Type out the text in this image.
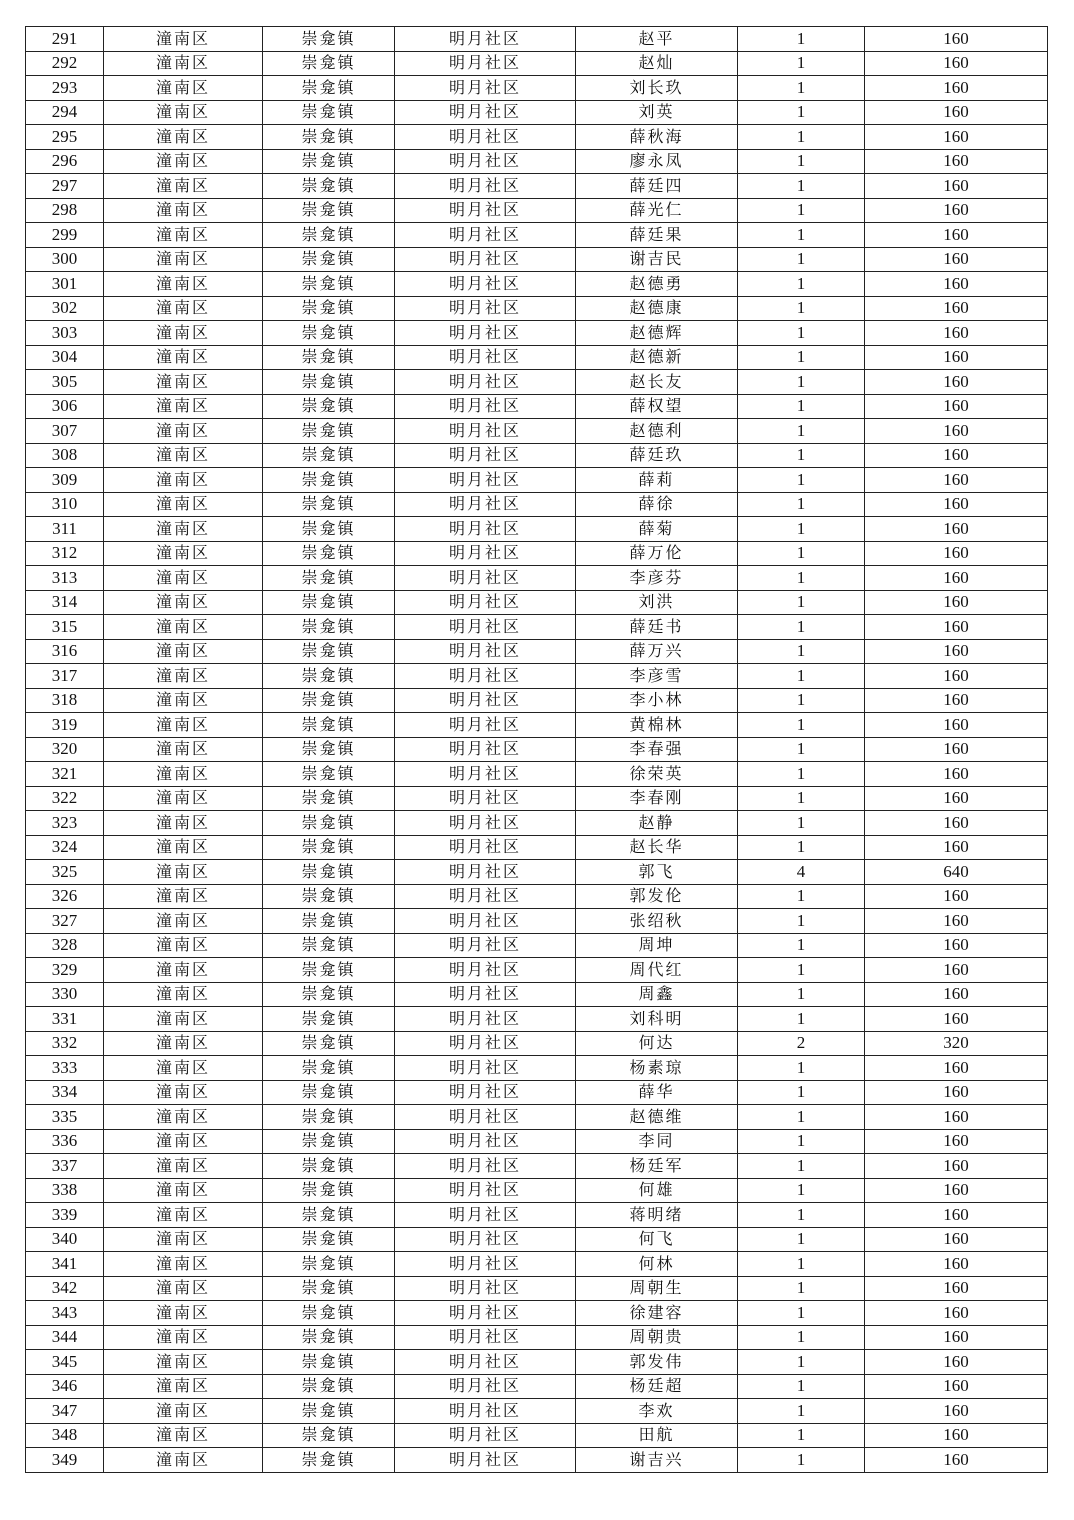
291	潼南区	崇龛镇	明月社区	赵平	1	160
292	潼南区	崇龛镇	明月社区	赵灿	1	160
293	潼南区	崇龛镇	明月社区	刘长玖	1	160
294	潼南区	崇龛镇	明月社区	刘英	1	160
295	潼南区	崇龛镇	明月社区	薛秋海	1	160
296	潼南区	崇龛镇	明月社区	廖永凤	1	160
297	潼南区	崇龛镇	明月社区	薛廷四	1	160
298	潼南区	崇龛镇	明月社区	薛光仁	1	160
299	潼南区	崇龛镇	明月社区	薛廷果	1	160
300	潼南区	崇龛镇	明月社区	谢吉民	1	160
301	潼南区	崇龛镇	明月社区	赵德勇	1	160
302	潼南区	崇龛镇	明月社区	赵德康	1	160
303	潼南区	崇龛镇	明月社区	赵德辉	1	160
304	潼南区	崇龛镇	明月社区	赵德新	1	160
305	潼南区	崇龛镇	明月社区	赵长友	1	160
306	潼南区	崇龛镇	明月社区	薛权望	1	160
307	潼南区	崇龛镇	明月社区	赵德利	1	160
308	潼南区	崇龛镇	明月社区	薛廷玖	1	160
309	潼南区	崇龛镇	明月社区	薛莉	1	160
310	潼南区	崇龛镇	明月社区	薛徐	1	160
311	潼南区	崇龛镇	明月社区	薛菊	1	160
312	潼南区	崇龛镇	明月社区	薛万伦	1	160
313	潼南区	崇龛镇	明月社区	李彦芬	1	160
314	潼南区	崇龛镇	明月社区	刘洪	1	160
315	潼南区	崇龛镇	明月社区	薛廷书	1	160
316	潼南区	崇龛镇	明月社区	薛万兴	1	160
317	潼南区	崇龛镇	明月社区	李彦雪	1	160
318	潼南区	崇龛镇	明月社区	李小林	1	160
319	潼南区	崇龛镇	明月社区	黄棉林	1	160
320	潼南区	崇龛镇	明月社区	李春强	1	160
321	潼南区	崇龛镇	明月社区	徐荣英	1	160
322	潼南区	崇龛镇	明月社区	李春刚	1	160
323	潼南区	崇龛镇	明月社区	赵静	1	160
324	潼南区	崇龛镇	明月社区	赵长华	1	160
325	潼南区	崇龛镇	明月社区	郭飞	4	640
326	潼南区	崇龛镇	明月社区	郭发伦	1	160
327	潼南区	崇龛镇	明月社区	张绍秋	1	160
328	潼南区	崇龛镇	明月社区	周坤	1	160
329	潼南区	崇龛镇	明月社区	周代红	1	160
330	潼南区	崇龛镇	明月社区	周鑫	1	160
331	潼南区	崇龛镇	明月社区	刘科明	1	160
332	潼南区	崇龛镇	明月社区	何达	2	320
333	潼南区	崇龛镇	明月社区	杨素琼	1	160
334	潼南区	崇龛镇	明月社区	薛华	1	160
335	潼南区	崇龛镇	明月社区	赵德维	1	160
336	潼南区	崇龛镇	明月社区	李同	1	160
337	潼南区	崇龛镇	明月社区	杨廷军	1	160
338	潼南区	崇龛镇	明月社区	何雄	1	160
339	潼南区	崇龛镇	明月社区	蒋明绪	1	160
340	潼南区	崇龛镇	明月社区	何飞	1	160
341	潼南区	崇龛镇	明月社区	何林	1	160
342	潼南区	崇龛镇	明月社区	周朝生	1	160
343	潼南区	崇龛镇	明月社区	徐建容	1	160
344	潼南区	崇龛镇	明月社区	周朝贵	1	160
345	潼南区	崇龛镇	明月社区	郭发伟	1	160
346	潼南区	崇龛镇	明月社区	杨廷超	1	160
347	潼南区	崇龛镇	明月社区	李欢	1	160
348	潼南区	崇龛镇	明月社区	田航	1	160
349	潼南区	崇龛镇	明月社区	谢吉兴	1	160
